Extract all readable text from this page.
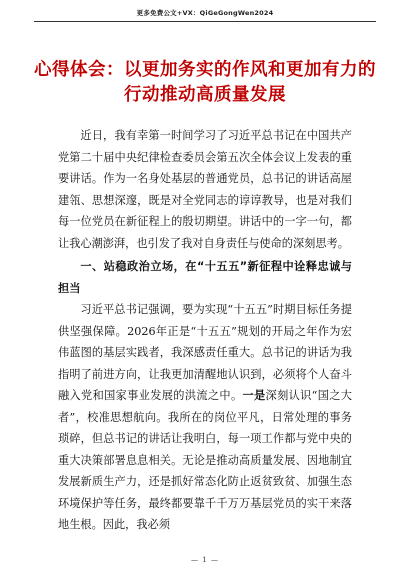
更多免费公文+VX：QiGeGongWen2024
心得体会：以更加务实的作风和更加有力的行动推动高质量发展

近日，我有幸第一时间学习了习近平总书记在中国共产党第二十届中央纪律检查委员会第五次全体会议上发表的重要讲话。作为一名身处基层的普通党员，总书记的讲话高屋建瓴、思想深邃，既是对全党同志的谆谆教导，也是对我们每一位党员在新征程上的殷切期望。讲话中的一字一句，都让我心潮澎湃，也引发了我对自身责任与使命的深刻思考。

一、站稳政治立场，在“十五五”新征程中诠释忠诚与担当

习近平总书记强调，要为实现“十五五”时期目标任务提供坚强保障。2026年正是“十五五”规划的开局之年作为宏伟蓝图的基层实践者，我深感责任重大。总书记的讲话为我指明了前进方向，让我更加清醒地认识到，必须将个人奋斗融入党和国家事业发展的洪流之中。一是深刻认识“国之大者”，校准思想航向。我所在的岗位平凡，日常处理的事务琐碎，但总书记的讲话让我明白，每一项工作都与党中央的重大决策部署息息相关。无论是推动高质量发展、因地制宜发展新质生产力，还是抓好常态化防止返贫致贫、加强生态环境保护等任务，最终都要靠千千万万基层党员的实干来落地生根。因此，我必须

— 1 —
